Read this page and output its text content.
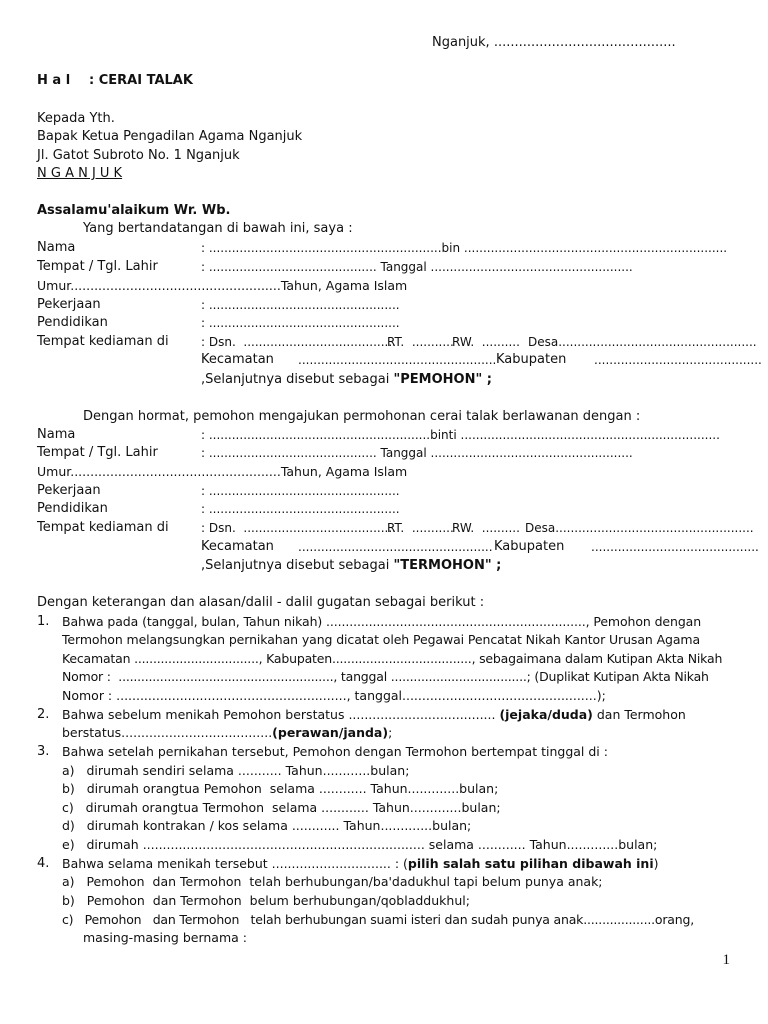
Nganjuk, ............................................
H a l : CERAI TALAK
Kepada Yth.
Bapak Ketua Pengadilan Agama Nganjuk
Jl. Gatot Subroto No. 1 Nganjuk
N G A N J U K
Assalamu'alaikum Wr. Wb.
Yang bertandatangan di bawah ini, saya :
Nama	: .............................................................bin .....................................................................
Tempat / Tgl. Lahir	: ............................................ Tanggal .....................................................
Umur.....................................................Tahun, Agama Islam
Pekerjaan	: ..................................................
Pendidikan	: ..................................................
Tempat kediaman di	: Dsn.  ........................................
RT.  ...........
RW.  .......... Desa....................................................
Kecamatan .................................................... Kabupaten ............................................
,Selanjutnya disebut sebagai "PEMOHON" ;
Dengan hormat, pemohon mengajukan permohonan cerai talak berlawanan dengan :
Nama	: ..........................................................binti ....................................................................
Tempat / Tgl. Lahir	: ............................................ Tanggal .....................................................
Umur.....................................................Tahun, Agama Islam
Pekerjaan	: ..................................................
Pendidikan	: ..................................................
Tempat kediaman di	: Dsn.  ........................................
RT.  ...........
RW.  .......... Desa....................................................
Kecamatan ................................................... Kabupaten ............................................
,Selanjutnya disebut sebagai "TERMOHON" ;
Dengan keterangan dan alasan/dalil - dalil gugatan sebagai berikut :
1. Bahwa pada (tanggal, bulan, Tahun nikah) ..................................................................., Pemohon dengan
Termohon melangsungkan pernikahan yang dicatat oleh Pegawai Pencatat Nikah Kantor Urusan Agama
Kecamatan ................................., Kabupaten....................................., sebagaimana dalam Kutipan Akta Nikah
Nomor :  ........................................................., tanggal ....................................; (Duplikat Kutipan Akta Nikah
Nomor : .........................................................., tanggal.................................................);
2. Bahwa sebelum menikah Pemohon berstatus ..................................... (jejaka/duda) dan Termohon
berstatus......................................(perawan/janda);
3. Bahwa setelah pernikahan tersebut, Pemohon dengan Termohon bertempat tinggal di :
a)   dirumah sendiri selama ........... Tahun............bulan;
b)   dirumah orangtua Pemohon  selama ............ Tahun.............bulan;
c)   dirumah orangtua Termohon  selama ............ Tahun.............bulan;
d)   dirumah kontrakan / kos selama ............ Tahun.............bulan;
e)   dirumah ....................................................................... selama ............ Tahun.............bulan;
4. Bahwa selama menikah tersebut .............................. : (pilih salah satu pilihan dibawah ini)
a)   Pemohon  dan Termohon  telah berhubungan/ba'dadukhul tapi belum punya anak;
b)   Pemohon  dan Termohon  belum berhubungan/qobladdukhul;
c)   Pemohon   dan Termohon   telah berhubungan suami isteri dan sudah punya anak...................orang,
masing-masing bernama :
1
